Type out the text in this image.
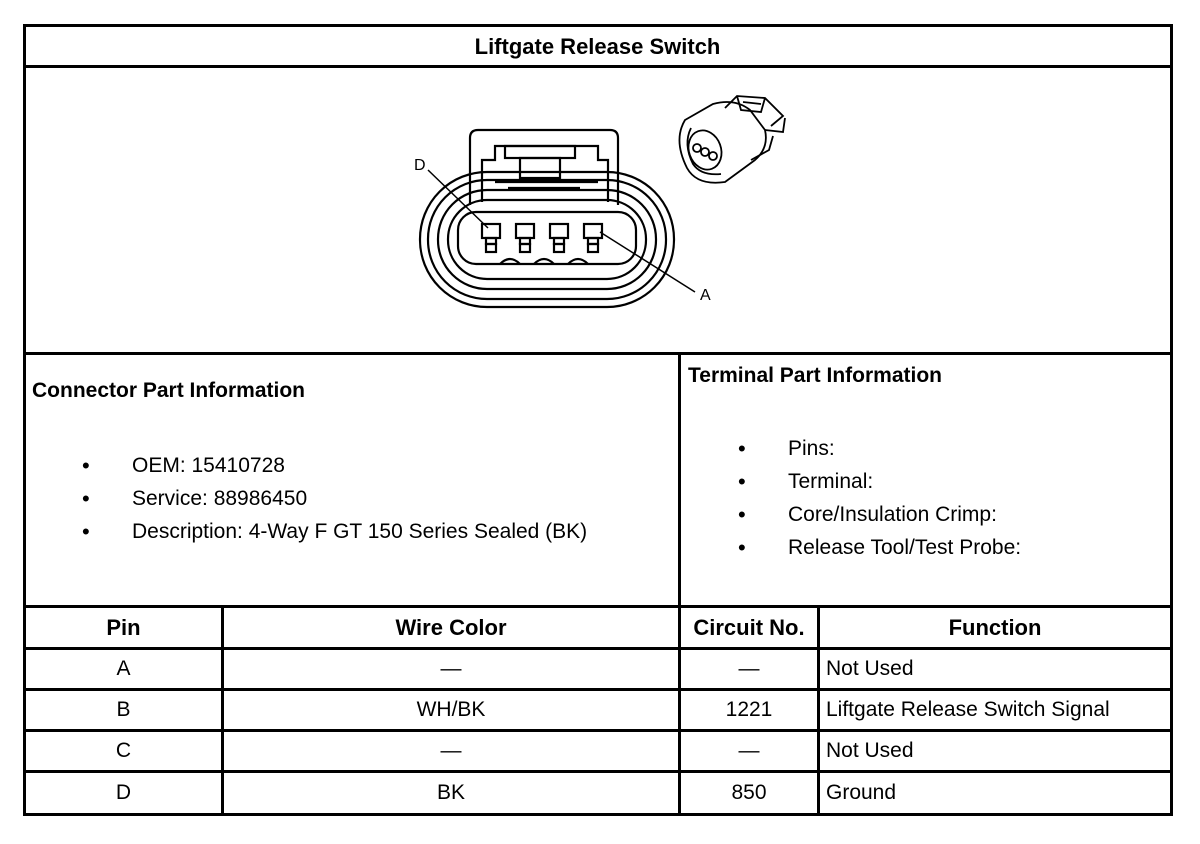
Liftgate Release Switch
D
A
Connector Part Information
• OEM: 15410728
• Service: 88986450
• Description: 4-Way F GT 150 Series Sealed (BK)
Terminal Part Information
• Pins:
• Terminal:
• Core/Insulation Crimp:
• Release Tool/Test Probe:
Pin	Wire Color	Circuit No.	Function
A	—	—	Not Used
B	WH/BK	1221	Liftgate Release Switch Signal
C	—	—	Not Used
D	BK	850	Ground
